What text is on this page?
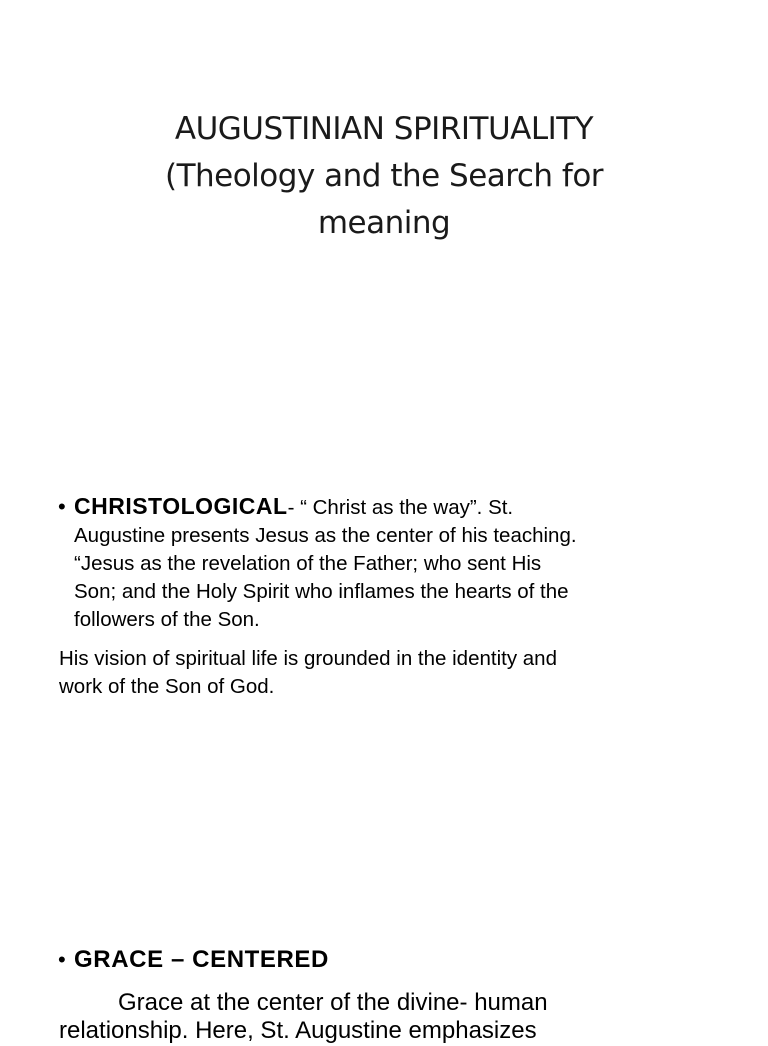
AUGUSTINIAN SPIRITUALITY
(Theology and the Search for
meaning
• CHRISTOLOGICAL- “ Christ as the way”. St.
Augustine presents Jesus as the center of his teaching.
“Jesus as the revelation of the Father; who sent His
Son; and the Holy Spirit who inflames the hearts of the
followers of the Son.
His vision of spiritual life is grounded in the identity and
work of the Son of God.
• GRACE – CENTERED
Grace at the center of the divine- human
relationship. Here, St. Augustine emphasizes
